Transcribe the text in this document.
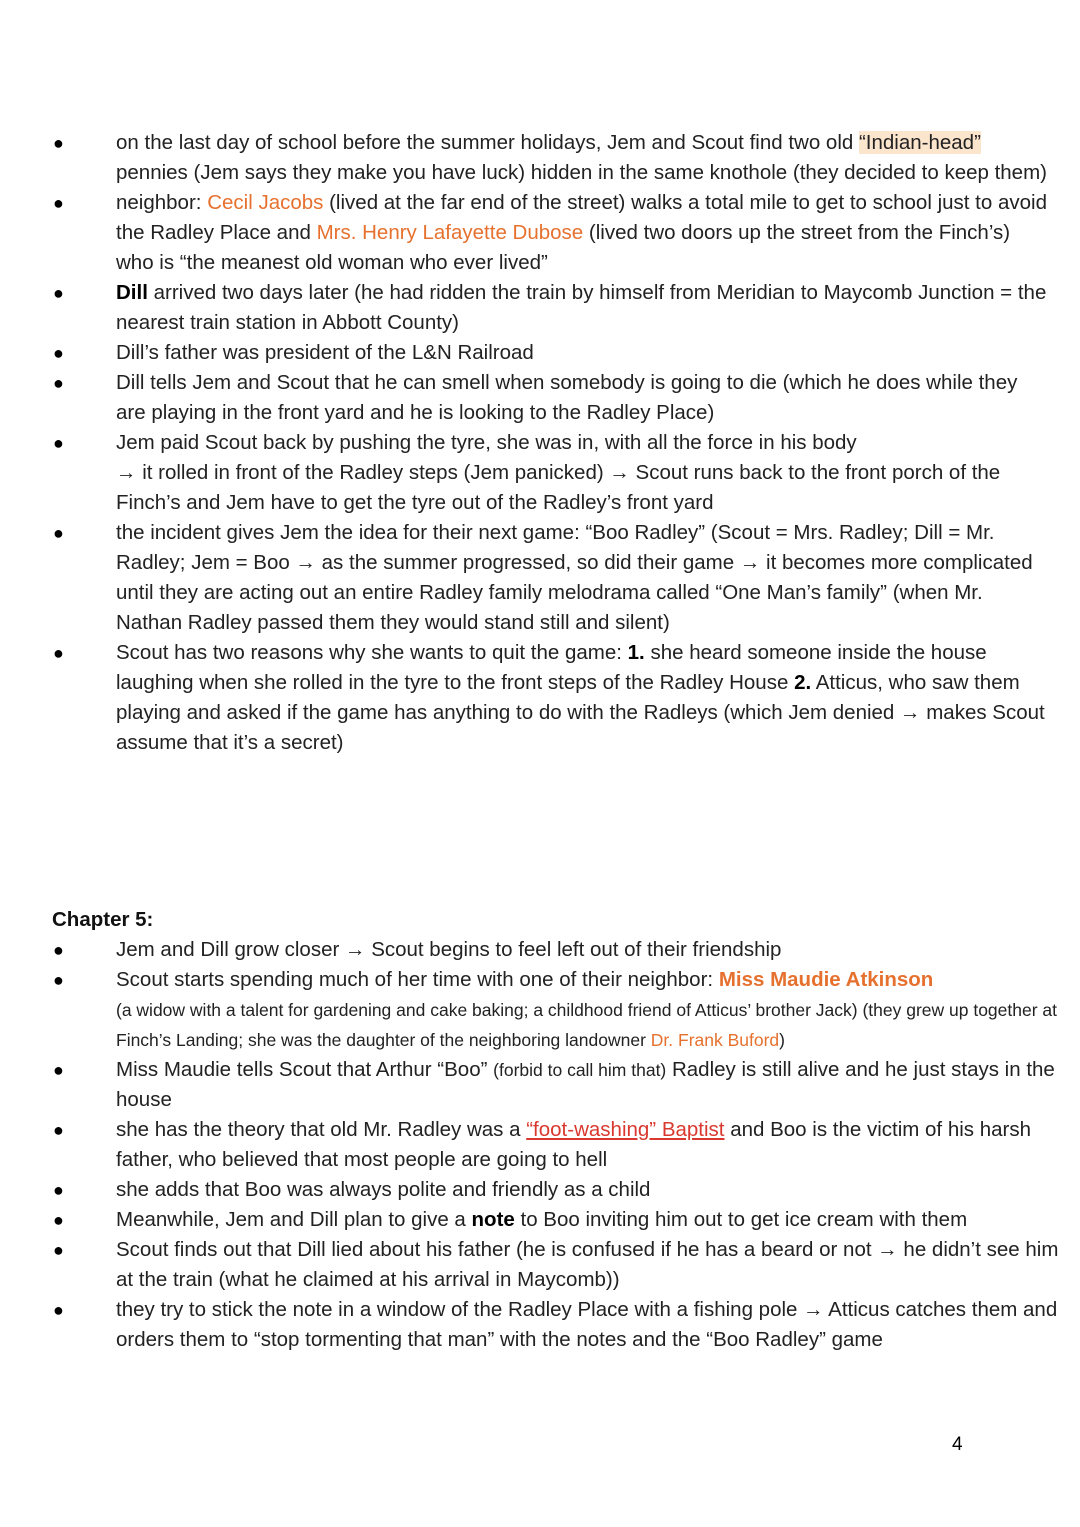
●
on the last day of school before the summer holidays, Jem and Scout find two old “Indian-head” pennies (Jem says they make you have luck) hidden in the same knothole (they decided to keep them)
●
neighbor: Cecil Jacobs (lived at the far end of the street) walks a total mile to get to school just to avoid the Radley Place and Mrs. Henry Lafayette Dubose (lived two doors up the street from the Finch’s) who is “the meanest old woman who ever lived”
●
Dill arrived two days later (he had ridden the train by himself from Meridian to Maycomb Junction = the nearest train station in Abbott County)
●
Dill’s father was president of the L&N Railroad
●
Dill tells Jem and Scout that he can smell when somebody is going to die (which he does while they are playing in the front yard and he is looking to the Radley Place)
●
Jem paid Scout back by pushing the tyre, she was in, with all the force in his body
→ it rolled in front of the Radley steps (Jem panicked) → Scout runs back to the front porch of the Finch’s and Jem have to get the tyre out of the Radley’s front yard
●
the incident gives Jem the idea for their next game: “Boo Radley” (Scout = Mrs. Radley; Dill = Mr. Radley; Jem = Boo → as the summer progressed, so did their game → it becomes more complicated until they are acting out an entire Radley family melodrama called “One Man’s family” (when Mr. Nathan Radley passed them they would stand still and silent)
●
Scout has two reasons why she wants to quit the game: 1. she heard someone inside the house laughing when she rolled in the tyre to the front steps of the Radley House 2. Atticus, who saw them playing and asked if the game has anything to do with the Radleys (which Jem denied → makes Scout assume that it’s a secret)
Chapter 5:
●
Jem and Dill grow closer → Scout begins to feel left out of their friendship
●
Scout starts spending much of her time with one of their neighbor: Miss Maudie Atkinson
(a widow with a talent for gardening and cake baking; a childhood friend of Atticus’ brother Jack) (they grew up together at Finch’s Landing; she was the daughter of the neighboring landowner Dr. Frank Buford)
●
Miss Maudie tells Scout that Arthur “Boo” (forbid to call him that) Radley is still alive and he just stays in the house
●
she has the theory that old Mr. Radley was a “foot-washing” Baptist and Boo is the victim of his harsh father, who believed that most people are going to hell
●
she adds that Boo was always polite and friendly as a child
●
Meanwhile, Jem and Dill plan to give a note to Boo inviting him out to get ice cream with them
●
Scout finds out that Dill lied about his father (he is confused if he has a beard or not → he didn’t see him at the train (what he claimed at his arrival in Maycomb))
●
they try to stick the note in a window of the Radley Place with a fishing pole → Atticus catches them and orders them to “stop tormenting that man” with the notes and the “Boo Radley” game
4
